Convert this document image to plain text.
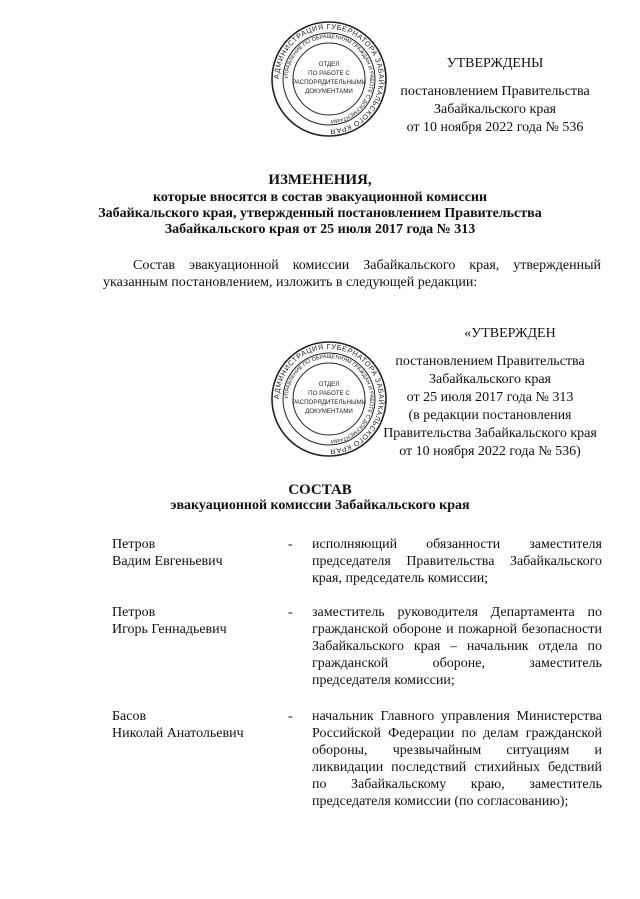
УТВЕРЖДЕНЫ
постановлением Правительства
Забайкальского края
от 10 ноября 2022 года № 536
АДМИНИСТРАЦИЯ ГУБЕРНАТОРА ЗАБАЙКАЛЬСКОГО КРАЯ
УПРАВЛЕНИЕ ПО ОБРАЩЕНИЯМ ГРАЖДАН И РАБОТЕ С ДОКУМЕНТАМИ
ОТДЕЛ
ПО РАБОТЕ С
РАСПОРЯДИТЕЛЬНЫМИ
ДОКУМЕНТАМИ
ИЗМЕНЕНИЯ,
которые вносятся в состав эвакуационной комиссии
Забайкальского края, утвержденный постановлением Правительства
Забайкальского края от 25 июля 2017 года № 313
Состав эвакуационной комиссии Забайкальского края, утвержденный указанным постановлением, изложить в следующей редакции:
«УТВЕРЖДЕН
постановлением Правительства
Забайкальского края
от 25 июля 2017 года № 313
(в редакции постановления
Правительства Забайкальского края
от 10 ноября 2022 года № 536)
АДМИНИСТРАЦИЯ ГУБЕРНАТОРА ЗАБАЙКАЛЬСКОГО КРАЯ
УПРАВЛЕНИЕ ПО ОБРАЩЕНИЯМ ГРАЖДАН И РАБОТЕ С ДОКУМЕНТАМИ
ОТДЕЛ
ПО РАБОТЕ С
РАСПОРЯДИТЕЛЬНЫМИ
ДОКУМЕНТАМИ
СОСТАВ
эвакуационной комиссии Забайкальского края
Петров
Вадим Евгеньевич
- исполняющий обязанности заместителя председателя Правительства Забайкальского края, председатель комиссии;
Петров
Игорь Геннадьевич
- заместитель руководителя Департамента по гражданской обороне и пожарной безопасности Забайкальского края – начальник отдела по гражданской обороне, заместитель председателя комиссии;
Басов
Николай Анатольевич
- начальник Главного управления Министерства Российской Федерации по делам гражданской обороны, чрезвычайным ситуациям и ликвидации последствий стихийных бедствий по Забайкальскому краю, заместитель председателя комиссии (по согласованию);
